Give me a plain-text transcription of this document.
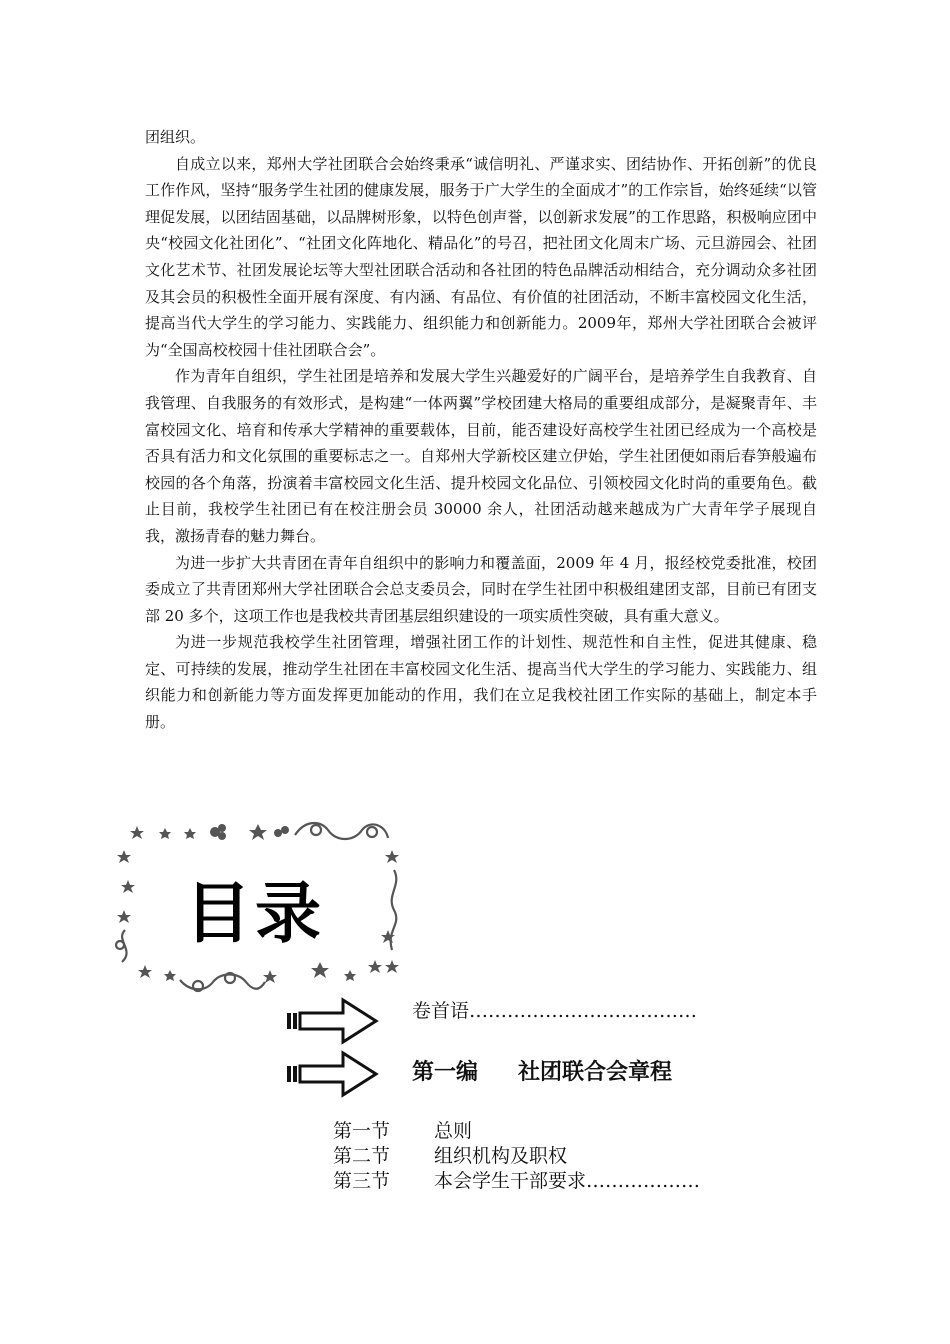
团组织。

自成立以来，郑州大学社团联合会始终秉承“诚信明礼、严谨求实、团结协作、开拓创新”的优良工作作风，坚持“服务学生社团的健康发展，服务于广大学生的全面成才”的工作宗旨，始终延续“以管理促发展，以团结固基础，以品牌树形象，以特色创声誉，以创新求发展”的工作思路，积极响应团中央“校园文化社团化”、“社团文化阵地化、精品化”的号召，把社团文化周末广场、元旦游园会、社团文化艺术节、社团发展论坛等大型社团联合活动和各社团的特色品牌活动相结合，充分调动众多社团及其会员的积极性全面开展有深度、有内涵、有品位、有价值的社团活动，不断丰富校园文化生活，提高当代大学生的学习能力、实践能力、组织能力和创新能力。2009年，郑州大学社团联合会被评为“全国高校校园十佳社团联合会”。

作为青年自组织，学生社团是培养和发展大学生兴趣爱好的广阔平台，是培养学生自我教育、自我管理、自我服务的有效形式，是构建“一体两翼”学校团建大格局的重要组成部分，是凝聚青年、丰富校园文化、培育和传承大学精神的重要载体，目前，能否建设好高校学生社团已经成为一个高校是否具有活力和文化氛围的重要标志之一。自郑州大学新校区建立伊始，学生社团便如雨后春笋般遍布校园的各个角落，扮演着丰富校园文化生活、提升校园文化品位、引领校园文化时尚的重要角色。截止目前，我校学生社团已有在校注册会员 30000 余人，社团活动越来越成为广大青年学子展现自我，激扬青春的魅力舞台。

为进一步扩大共青团在青年自组织中的影响力和覆盖面，2009 年 4 月，报经校党委批准，校团委成立了共青团郑州大学社团联合会总支委员会，同时在学生社团中积极组建团支部，目前已有团支部 20 多个，这项工作也是我校共青团基层组织建设的一项实质性突破，具有重大意义。

为进一步规范我校学生社团管理，增强社团工作的计划性、规范性和自主性，促进其健康、稳定、可持续的发展，推动学生社团在丰富校园文化生活、提高当代大学生的学习能力、实践能力、组织能力和创新能力等方面发挥更加能动的作用，我们在立足我校社团工作实际的基础上，制定本手册。

目录
卷首语………………………………
第一编 社团联合会章程
第一节 总则
第二节 组织机构及职权
第三节 本会学生干部要求………………
